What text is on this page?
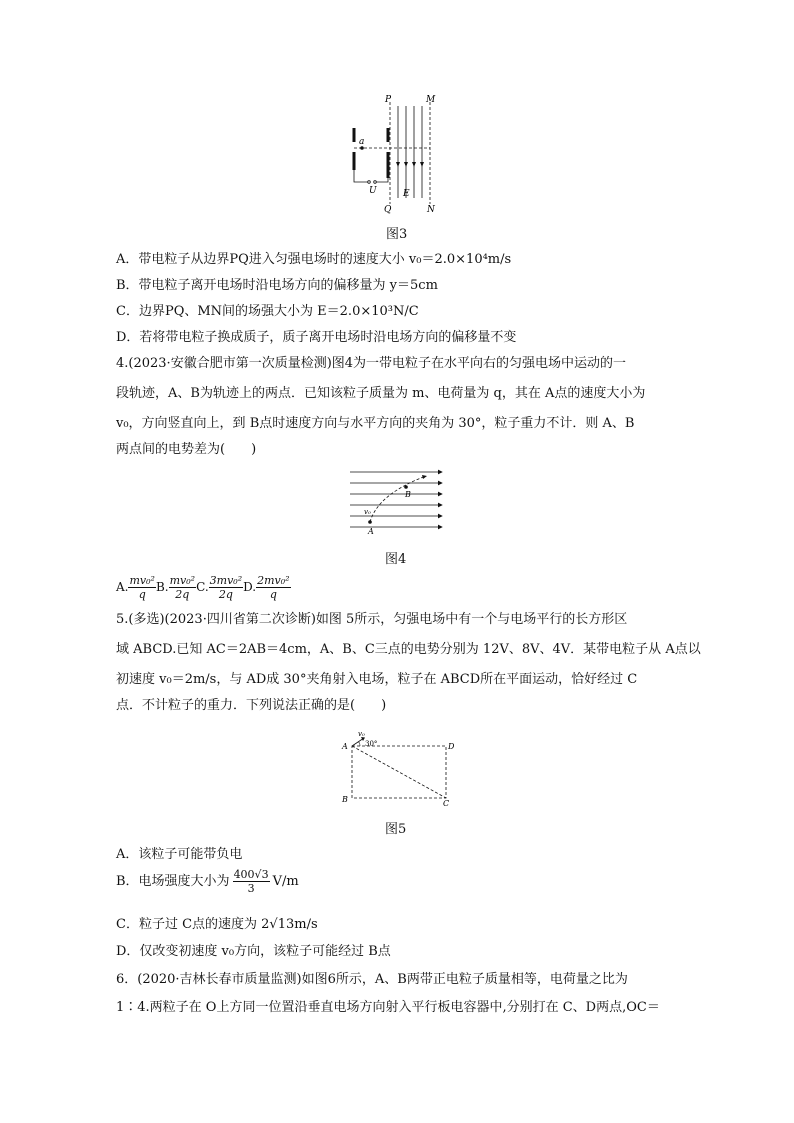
P	M
Q	N
a
U	E
图3
A．带电粒子从边界PQ进入匀强电场时的速度大小 v₀＝2.0×10⁴m/s
B．带电粒子离开电场时沿电场方向的偏移量为 y＝5cm
C．边界PQ、MN间的场强大小为 E＝2.0×10³N/C
D．若将带电粒子换成质子，质子离开电场时沿电场方向的偏移量不变
4.(2023·安徽合肥市第一次质量检测)图4为一带电粒子在水平向右的匀强电场中运动的一
段轨迹，A、B为轨迹上的两点．已知该粒子质量为 m、电荷量为 q，其在 A点的速度大小为
v₀，方向竖直向上，到 B点时速度方向与水平方向的夹角为 30°，粒子重力不计．则 A、B
两点间的电势差为(　　)
B
v₀
A
图4
A. $\frac{\text{mv₀²}}{q} B$. $\frac{\text{mv₀²}}{2q} C$. $\frac{\text{3mv₀²}}{2q} D$. $\frac{\text{2mv₀²}}{q}$
5.(多选)(2023·四川省第二次诊断)如图 5所示，匀强电场中有一个与电场平行的长方形区
域 ABCD.已知 AC＝2AB＝4cm，A、B、C三点的电势分别为 12V、8V、4V．某带电粒子从 A点以
初速度 v₀＝2m/s，与 AD成 30°夹角射入电场，粒子在 ABCD所在平面运动，恰好经过 C
点．不计粒子的重力．下列说法正确的是(　　)
v₀
30°
A	D
B	C
图5
A．该粒子可能带负电
B．电场强度大小为 $\frac{400√3}{3} V/m$
C．粒子过 C点的速度为 2√13m/s
D．仅改变初速度 v₀方向，该粒子可能经过 B点
6．(2020·吉林长春市质量监测)如图6所示，A、B两带正电粒子质量相等，电荷量之比为
1∶4.两粒子在 O上方同一位置沿垂直电场方向射入平行板电容器中,分别打在 C、D两点,OC＝
